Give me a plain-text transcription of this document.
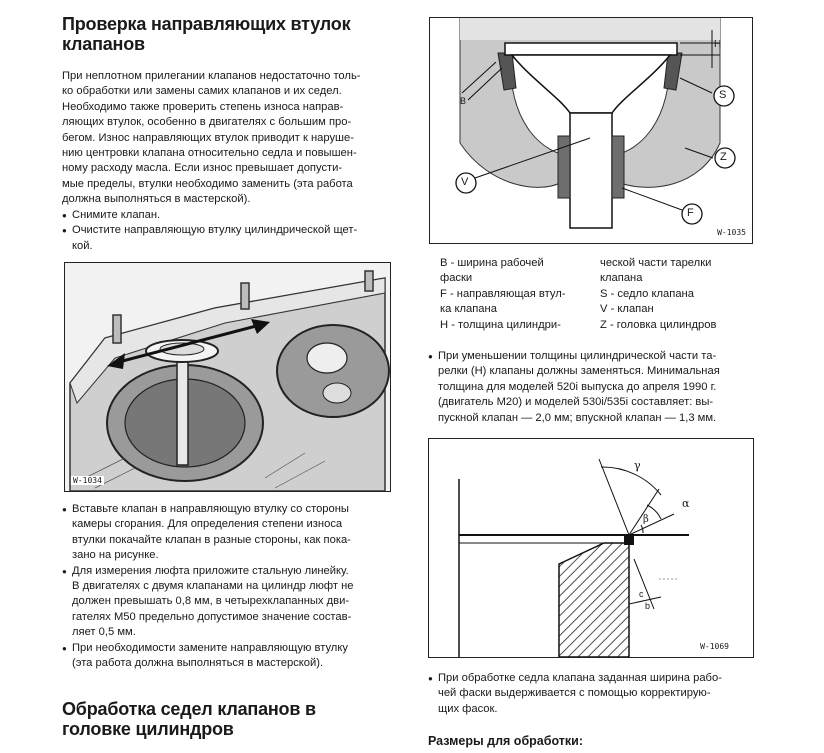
Проверка направляющих втулок
клапанов

При неплотном прилегании клапанов недостаточно толь-

ко обработки или замены самих клапанов и их седел.

Необходимо также проверить степень износа направ-

ляющих втулок, особенно в двигателях с большим про-

бегом. Износ направляющих втулок приводит к наруше-

нию центровки клапана относительно седла и повышен-

ному расходу масла. Если износ превышает допусти-

мые пределы, втулки необходимо заменить (эта работа

должна выполняться в мастерской).

● Снимите клапан.
● Очистите направляющую втулку цилиндрической щет-
кой.
W-1034
● Вставьте клапан в направляющую втулку со стороны
камеры сгорания. Для определения степени износа
втулки покачайте клапан в разные стороны, как пока-
зано на рисунке.
● Для измерения люфта приложите стальную линейку.
В двигателях с двумя клапанами на цилиндр люфт не
должен превышать 0,8 мм, в четырехклапанных дви-
гателях М50 предельно допустимое значение состав-
ляет 0,5 мм.
● При необходимости замените направляющую втулку
(эта работа должна выполняться в мастерской).
Обработка седел клапанов в
головке цилиндров
H
S
Z
V
F
B
W-1035

В - ширина рабочей

фаски

F - направляющая втул-

ка клапана

Н - толщина цилиндри-

ческой части тарелки

клапана

S - седло клапана

V - клапан

Z - головка цилиндров

● При уменьшении толщины цилиндрической части та-
релки (Н) клапаны должны заменяться. Минимальная
толщина для моделей 520i выпуска до апреля 1990 г.
(двигатель М20) и моделей 530i/535i составляет: вы-
пускной клапан — 2,0 мм; впускной клапан — 1,3 мм.
γ
α
β
c
b
W-1069
● При обработке седла клапана заданная ширина рабо-
чей фаски выдерживается с помощью корректирую-
щих фасок.
Размеры для обработки:
